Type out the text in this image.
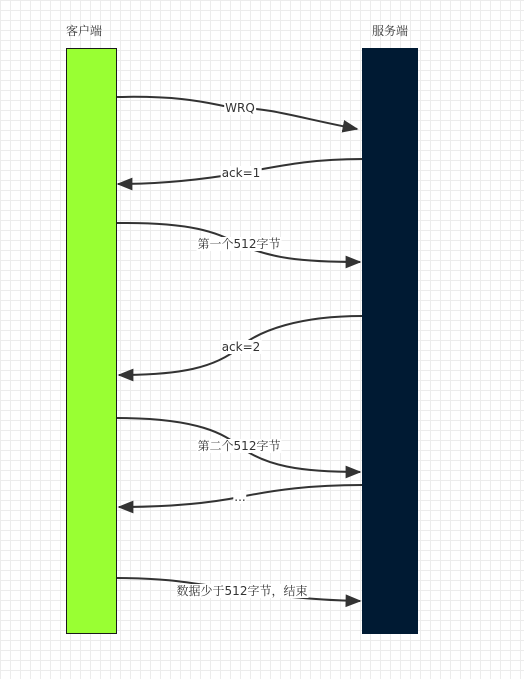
客户端	服务端
WRQ
ack=1
第一个512字节
ack=2
第二个512字节
...
数据少于512字节，结束
